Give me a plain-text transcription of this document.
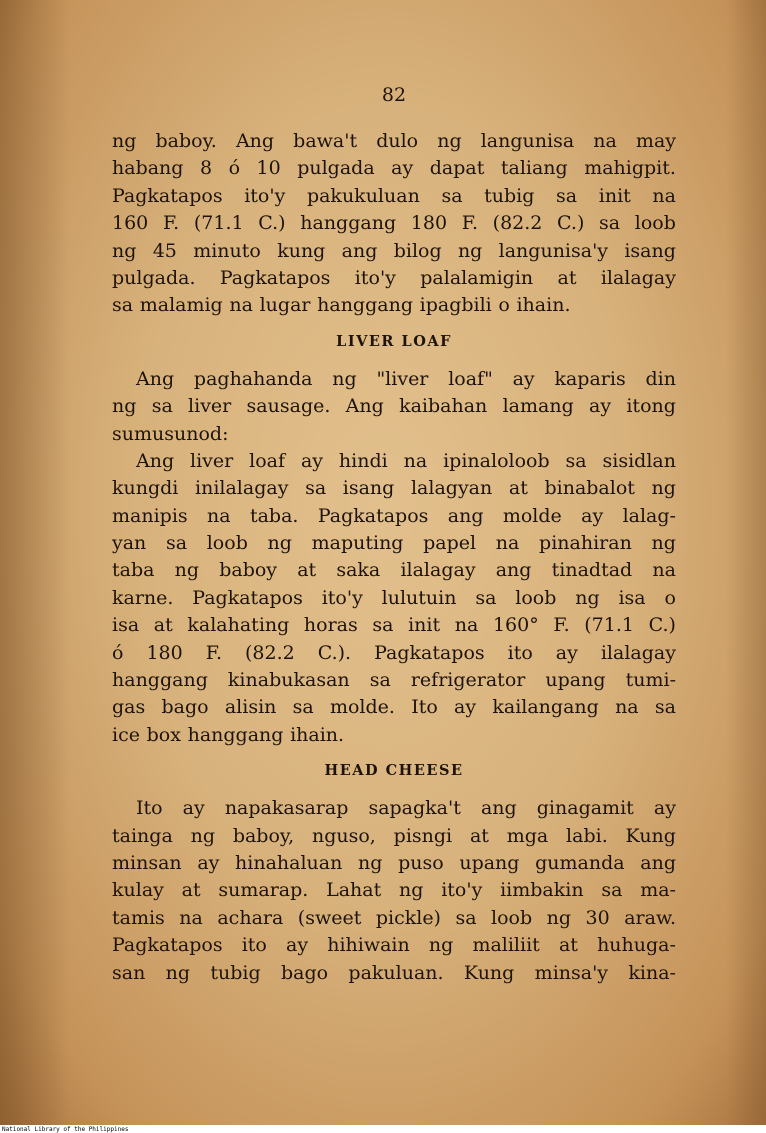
82
ng baboy. Ang bawa't dulo ng langunisa na may
habang 8 ó 10 pulgada ay dapat taliang mahigpit.
Pagkatapos ito'y pakukuluan sa tubig sa init na
160 F. (71.1 C.) hanggang 180 F. (82.2 C.) sa loob
ng 45 minuto kung ang bilog ng langunisa'y isang
pulgada. Pagkatapos ito'y palalamigin at ilalagay
sa malamig na lugar hanggang ipagbili o ihain.
LIVER LOAF
Ang paghahanda ng "liver loaf" ay kaparis din
ng sa liver sausage. Ang kaibahan lamang ay itong
sumusunod:
Ang liver loaf ay hindi na ipinaloloob sa sisidlan
kungdi inilalagay sa isang lalagyan at binabalot ng
manipis na taba. Pagkatapos ang molde ay lalag-
yan sa loob ng maputing papel na pinahiran ng
taba ng baboy at saka ilalagay ang tinadtad na
karne. Pagkatapos ito'y lulutuin sa loob ng isa o
isa at kalahating horas sa init na 160° F. (71.1 C.)
ó 180 F. (82.2 C.). Pagkatapos ito ay ilalagay
hanggang kinabukasan sa refrigerator upang tumi-
gas bago alisin sa molde. Ito ay kailangang na sa
ice box hanggang ihain.
HEAD CHEESE
Ito ay napakasarap sapagka't ang ginagamit ay
tainga ng baboy, nguso, pisngi at mga labi. Kung
minsan ay hinahaluan ng puso upang gumanda ang
kulay at sumarap. Lahat ng ito'y iimbakin sa ma-
tamis na achara (sweet pickle) sa loob ng 30 araw.
Pagkatapos ito ay hihiwain ng maliliit at huhuga-
san ng tubig bago pakuluan. Kung minsa'y kina-
National Library of the Philippines
